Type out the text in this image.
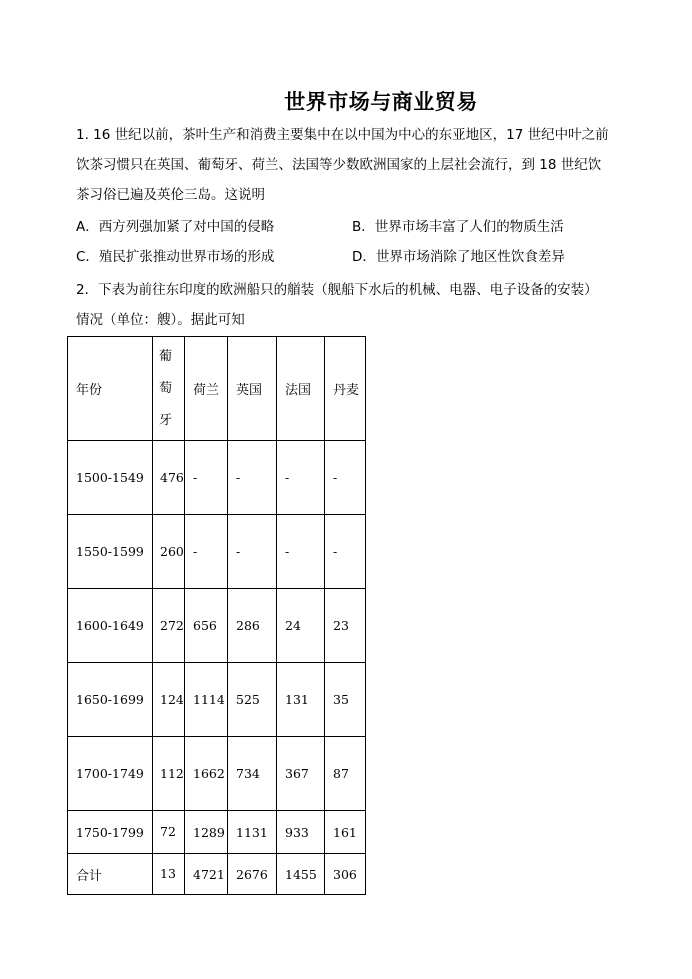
世界市场与商业贸易
1. 16 世纪以前，茶叶生产和消费主要集中在以中国为中心的东亚地区，17 世纪中叶之前
饮茶习惯只在英国、葡萄牙、荷兰、法国等少数欧洲国家的上层社会流行，到 18 世纪饮
茶习俗已遍及英伦三岛。这说明
A．西方列强加紧了对中国的侵略	B．世界市场丰富了人们的物质生活
C．殖民扩张推动世界市场的形成	D．世界市场消除了地区性饮食差异
2．下表为前往东印度的欧洲船只的艏装（舰船下水后的机械、电器、电子设备的安装）
情况（单位：艘）。据此可知
年份	葡萄牙	荷兰	英国	法国	丹麦
1500-1549	476	-	-	-	-
1550-1599	260	-	-	-	-
1600-1649	272	656	286	24	23
1650-1699	124	1114	525	131	35
1700-1749	112	1662	734	367	87
1750-1799	72	1289	1131	933	161
合计	13	4721	2676	1455	306
